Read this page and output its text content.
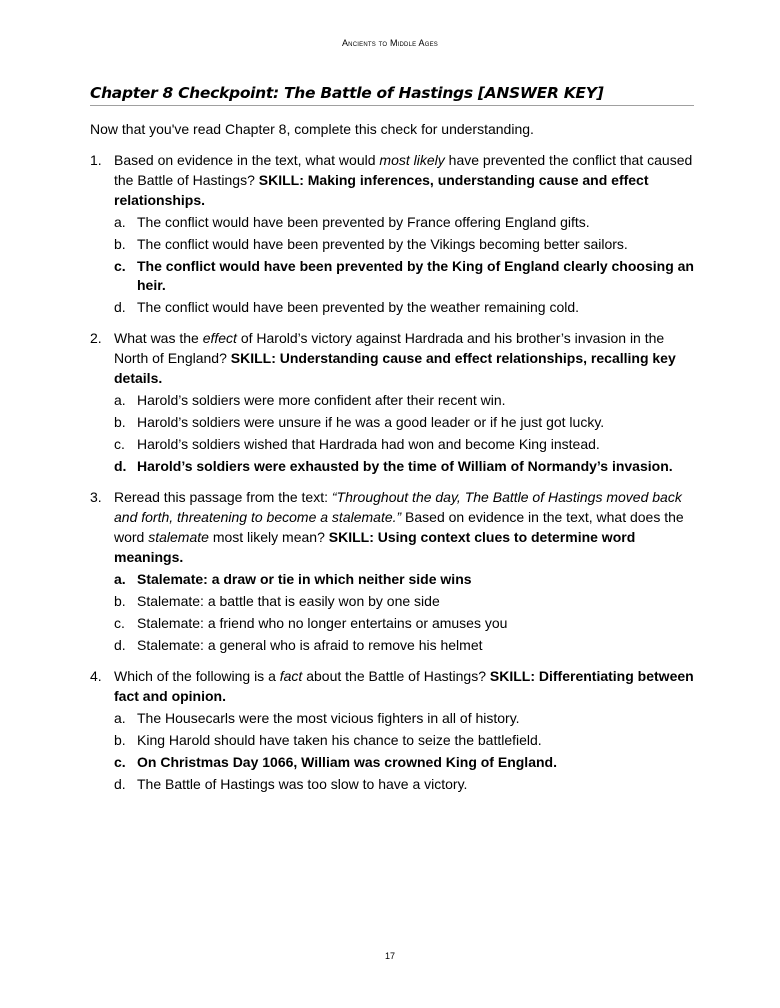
Ancients to Middle Ages
Chapter 8 Checkpoint: The Battle of Hastings [ANSWER KEY]
Now that you've read Chapter 8, complete this check for understanding.
1. Based on evidence in the text, what would most likely have prevented the conflict that caused the Battle of Hastings? SKILL: Making inferences, understanding cause and effect relationships.
a. The conflict would have been prevented by France offering England gifts.
b. The conflict would have been prevented by the Vikings becoming better sailors.
c. The conflict would have been prevented by the King of England clearly choosing an heir.
d. The conflict would have been prevented by the weather remaining cold.
2. What was the effect of Harold’s victory against Hardrada and his brother’s invasion in the North of England? SKILL: Understanding cause and effect relationships, recalling key details.
a. Harold’s soldiers were more confident after their recent win.
b. Harold’s soldiers were unsure if he was a good leader or if he just got lucky.
c. Harold’s soldiers wished that Hardrada had won and become King instead.
d. Harold’s soldiers were exhausted by the time of William of Normandy’s invasion.
3. Reread this passage from the text: “Throughout the day, The Battle of Hastings moved back and forth, threatening to become a stalemate.” Based on evidence in the text, what does the word stalemate most likely mean? SKILL: Using context clues to determine word meanings.
a. Stalemate: a draw or tie in which neither side wins
b. Stalemate: a battle that is easily won by one side
c. Stalemate: a friend who no longer entertains or amuses you
d. Stalemate: a general who is afraid to remove his helmet
4. Which of the following is a fact about the Battle of Hastings? SKILL: Differentiating between fact and opinion.
a. The Housecarls were the most vicious fighters in all of history.
b. King Harold should have taken his chance to seize the battlefield.
c. On Christmas Day 1066, William was crowned King of England.
d. The Battle of Hastings was too slow to have a victory.
17
